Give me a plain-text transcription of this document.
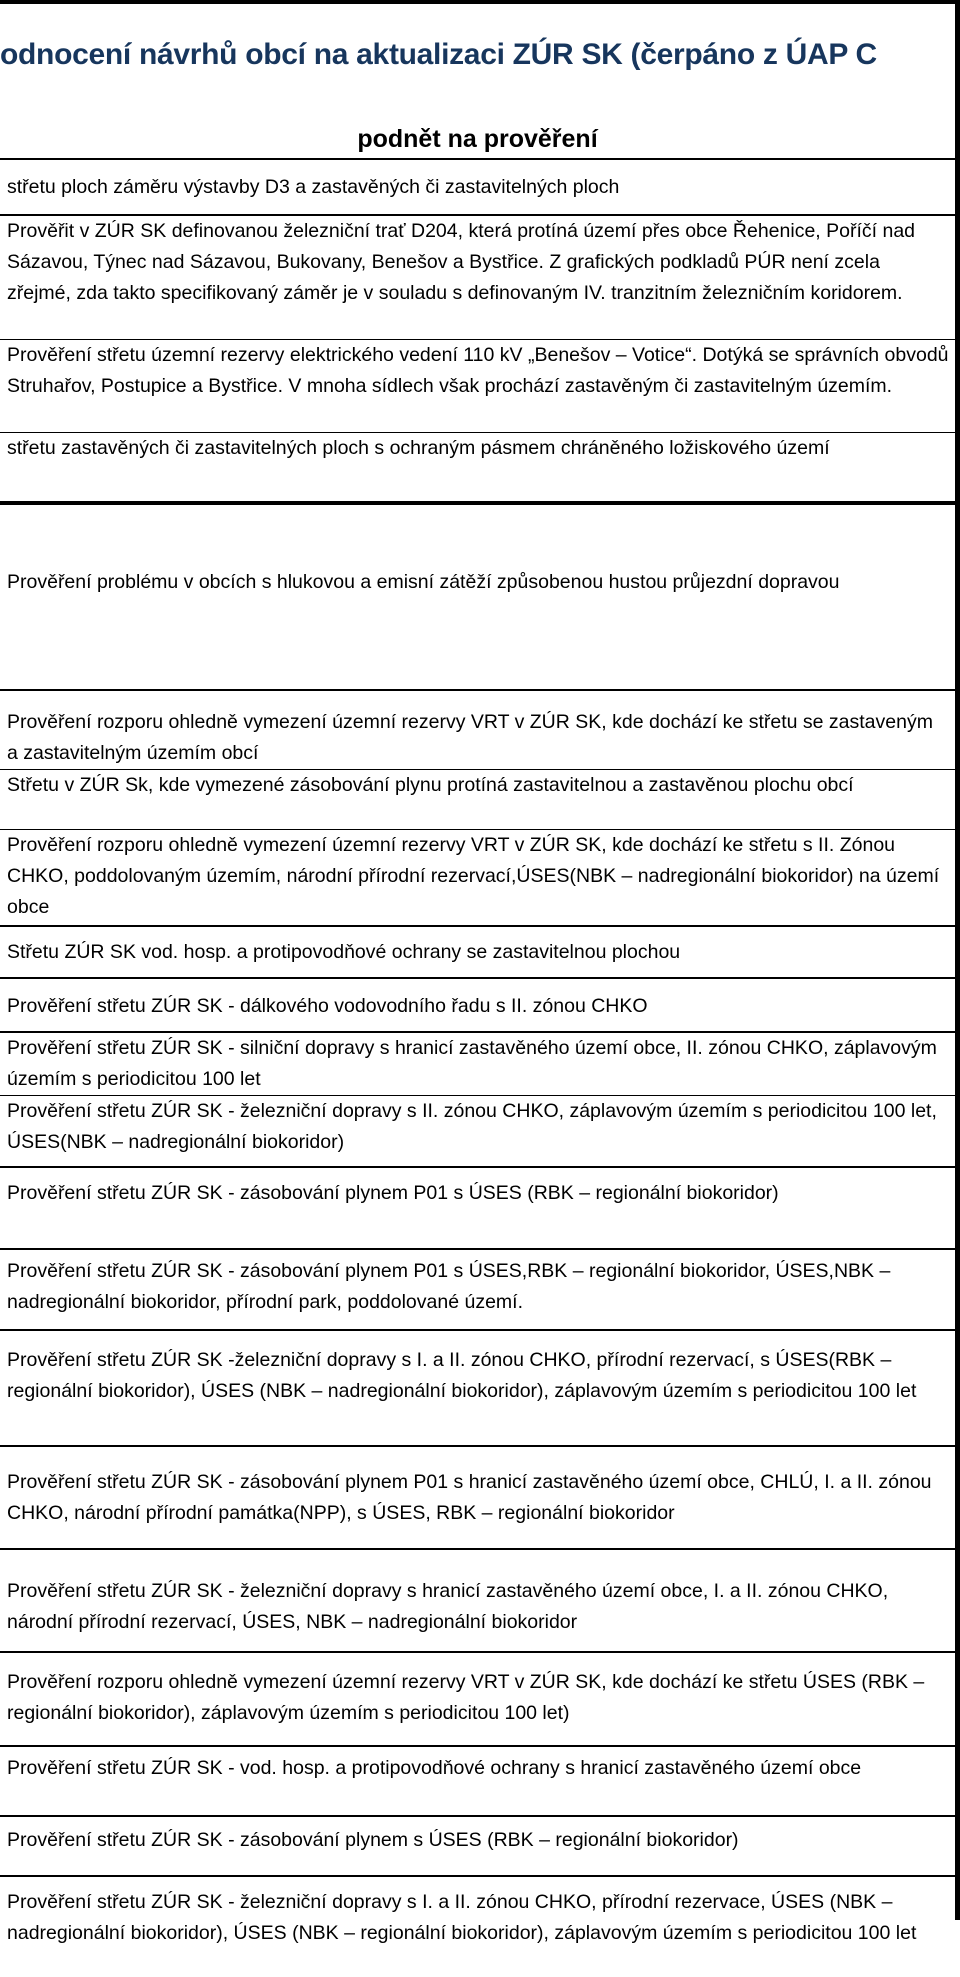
odnocení návrhů obcí na aktualizaci ZÚR SK (čerpáno z ÚAP C
podnět na prověření
střetu ploch záměru výstavby D3 a zastavěných či zastavitelných ploch
Prověřit v ZÚR SK definovanou železniční trať D204, která protíná území přes obce Řehenice, Poříčí nad Sázavou, Týnec nad Sázavou, Bukovany, Benešov a Bystřice. Z grafických podkladů PÚR není zcela zřejmé, zda takto specifikovaný záměr je v souladu s definovaným IV. tranzitním železničním koridorem.
Prověření střetu územní rezervy elektrického vedení 110 kV „Benešov – Votice“. Dotýká se správních obvodů Struhařov, Postupice a Bystřice. V mnoha sídlech však prochází zastavěným či zastavitelným územím.
střetu zastavěných či zastavitelných ploch s ochraným pásmem chráněného ložiskového území
Prověření problému v obcích s hlukovou a emisní zátěží způsobenou hustou průjezdní dopravou
Prověření rozporu ohledně vymezení územní rezervy VRT v ZÚR SK, kde dochází ke střetu se zastaveným a zastavitelným územím obcí
Střetu v ZÚR Sk, kde vymezené zásobování plynu protíná zastavitelnou a zastavěnou plochu obcí
Prověření rozporu ohledně vymezení územní rezervy VRT v ZÚR SK, kde dochází ke střetu s II. Zónou CHKO, poddolovaným územím, národní přírodní rezervací,ÚSES(NBK – nadregionální biokoridor) na území obce
Střetu ZÚR SK vod. hosp. a protipovodňové ochrany se zastavitelnou plochou
Prověření střetu ZÚR SK - dálkového vodovodního řadu s II. zónou CHKO
Prověření střetu ZÚR SK - silniční dopravy s hranicí zastavěného území obce, II. zónou CHKO, záplavovým územím s periodicitou 100 let
Prověření střetu ZÚR SK - železniční dopravy s II. zónou CHKO, záplavovým územím s periodicitou 100 let, ÚSES(NBK – nadregionální biokoridor)
Prověření střetu ZÚR SK - zásobování plynem P01 s ÚSES (RBK – regionální biokoridor)
Prověření střetu ZÚR SK - zásobování plynem P01 s ÚSES,RBK – regionální biokoridor, ÚSES,NBK – nadregionální biokoridor, přírodní park, poddolované území.
Prověření střetu ZÚR SK -železniční dopravy s I. a II. zónou CHKO, přírodní rezervací, s ÚSES(RBK – regionální biokoridor), ÚSES (NBK – nadregionální biokoridor), záplavovým územím s periodicitou 100 let
Prověření střetu ZÚR SK - zásobování plynem P01 s hranicí zastavěného území obce, CHLÚ, I. a II. zónou CHKO, národní přírodní památka(NPP), s ÚSES, RBK – regionální biokoridor
Prověření střetu ZÚR SK - železniční dopravy s hranicí zastavěného území obce, I. a II. zónou CHKO, národní přírodní rezervací, ÚSES, NBK – nadregionální biokoridor
Prověření rozporu ohledně vymezení územní rezervy VRT v ZÚR SK, kde dochází ke střetu ÚSES (RBK – regionální biokoridor), záplavovým územím s periodicitou 100 let)
Prověření střetu ZÚR SK - vod. hosp. a protipovodňové ochrany s hranicí zastavěného území obce
Prověření střetu ZÚR SK - zásobování plynem s ÚSES (RBK – regionální biokoridor)
Prověření střetu ZÚR SK - železniční dopravy s I. a II. zónou CHKO, přírodní rezervace, ÚSES (NBK – nadregionální biokoridor), ÚSES (NBK – regionální biokoridor), záplavovým územím s periodicitou 100 let
